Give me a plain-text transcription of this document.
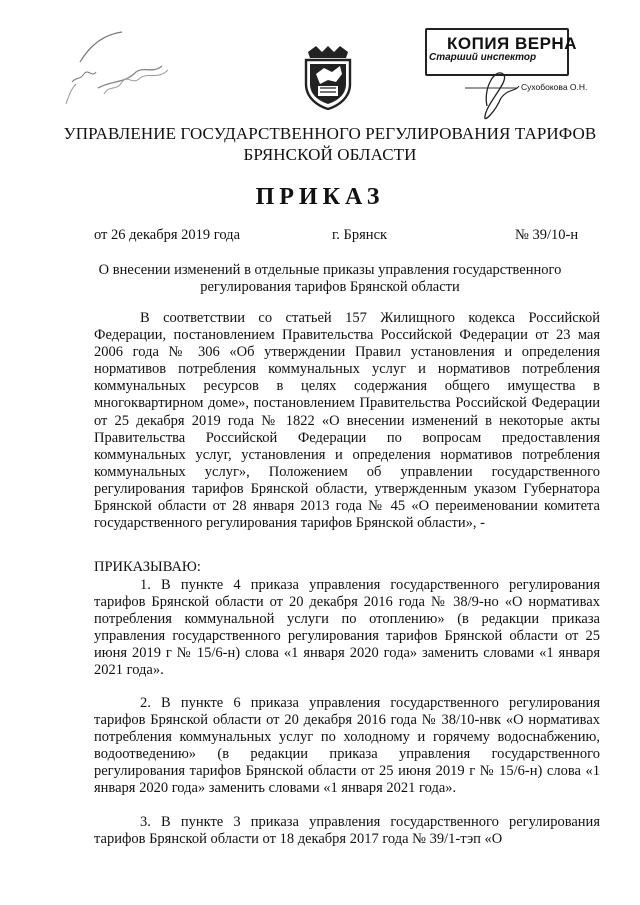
КОПИЯ ВЕРНА
Старший инспектор
Сухобокова О.Н.
УПРАВЛЕНИЕ ГОСУДАРСТВЕННОГО РЕГУЛИРОВАНИЯ ТАРИФОВ
БРЯНСКОЙ ОБЛАСТИ
ПРИКАЗ
от 26 декабря 2019 года	г. Брянск	№ 39/10-н
О внесении изменений в отдельные приказы управления государственного регулирования тарифов Брянской области

В соответствии со статьей 157 Жилищного кодекса Российской Федерации, постановлением Правительства Российской Федерации от 23 мая 2006 года № 306 «Об утверждении Правил установления и определения нормативов потребления коммунальных услуг и нормативов потребления коммунальных ресурсов в целях содержания общего имущества в многоквартирном доме», постановлением Правительства Российской Федерации от 25 декабря 2019 года № 1822 «О внесении изменений в некоторые акты Правительства Российской Федерации по вопросам предоставления коммунальных услуг, установления и определения нормативов потребления коммунальных услуг», Положением об управлении государственного регулирования тарифов Брянской области, утвержденным указом Губернатора Брянской области от 28 января 2013 года № 45 «О переименовании комитета государственного регулирования тарифов Брянской области», -

ПРИКАЗЫВАЮ:

1. В пункте 4 приказа управления государственного регулирования тарифов Брянской области от 20 декабря 2016 года № 38/9-но «О нормативах потребления коммунальной услуги по отоплению» (в редакции приказа управления государственного регулирования тарифов Брянской области от 25 июня 2019 г № 15/6-н) слова «1 января 2020 года» заменить словами «1 января 2021 года».

2. В пункте 6 приказа управления государственного регулирования тарифов Брянской области от 20 декабря 2016 года № 38/10-нвк «О нормативах потребления коммунальных услуг по холодному и горячему водоснабжению, водоотведению» (в редакции приказа управления государственного регулирования тарифов Брянской области от 25 июня 2019 г № 15/6-н) слова «1 января 2020 года» заменить словами «1 января 2021 года».

3. В пункте 3 приказа управления государственного регулирования тарифов Брянской области от 18 декабря 2017 года № 39/1-тэп «О
